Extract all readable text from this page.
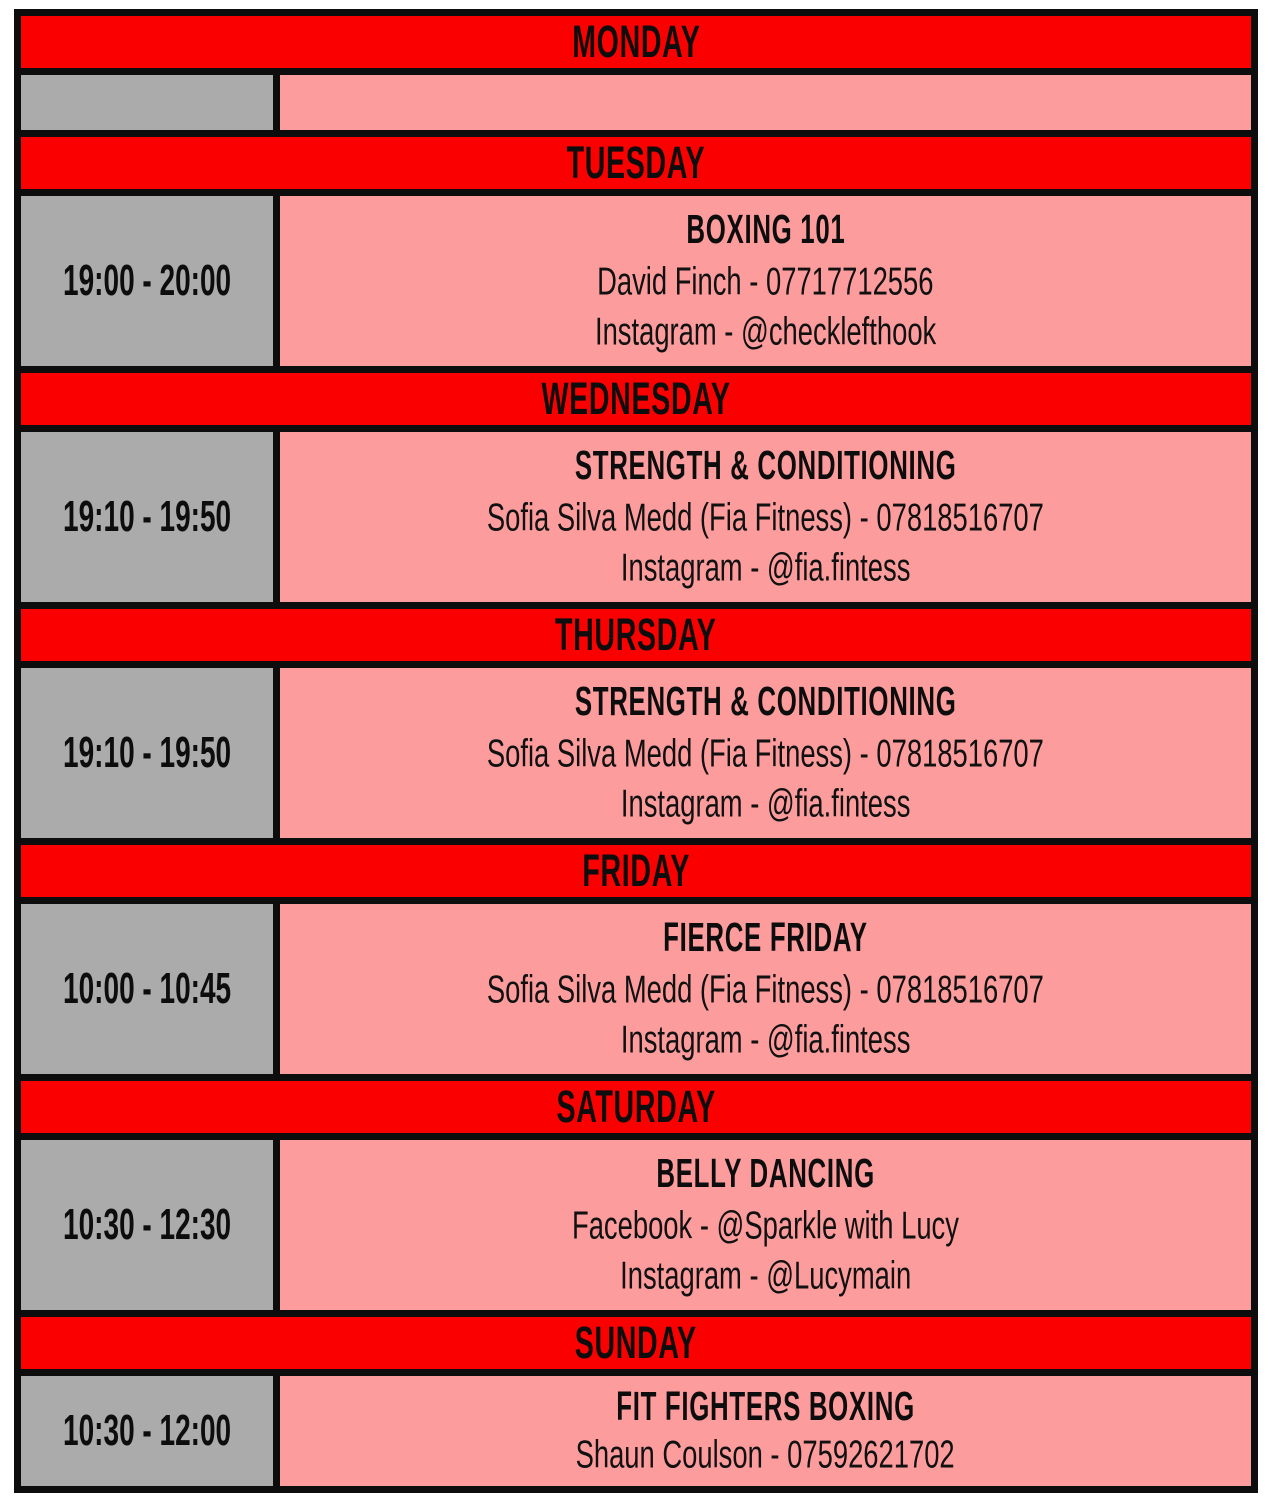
MONDAY
TUESDAY
19:00 - 20:00
BOXING 101
David Finch - 07717712556
Instagram - @checklefthook
WEDNESDAY
19:10 - 19:50
STRENGTH & CONDITIONING
Sofia Silva Medd (Fia Fitness) - 07818516707
Instagram - @fia.fintess
THURSDAY
19:10 - 19:50
STRENGTH & CONDITIONING
Sofia Silva Medd (Fia Fitness) - 07818516707
Instagram - @fia.fintess
FRIDAY
10:00 - 10:45
FIERCE FRIDAY
Sofia Silva Medd (Fia Fitness) - 07818516707
Instagram - @fia.fintess
SATURDAY
10:30 - 12:30
BELLY DANCING
Facebook - @Sparkle with Lucy
Instagram - @Lucymain
SUNDAY
10:30 - 12:00
FIT FIGHTERS BOXING
Shaun Coulson - 07592621702
